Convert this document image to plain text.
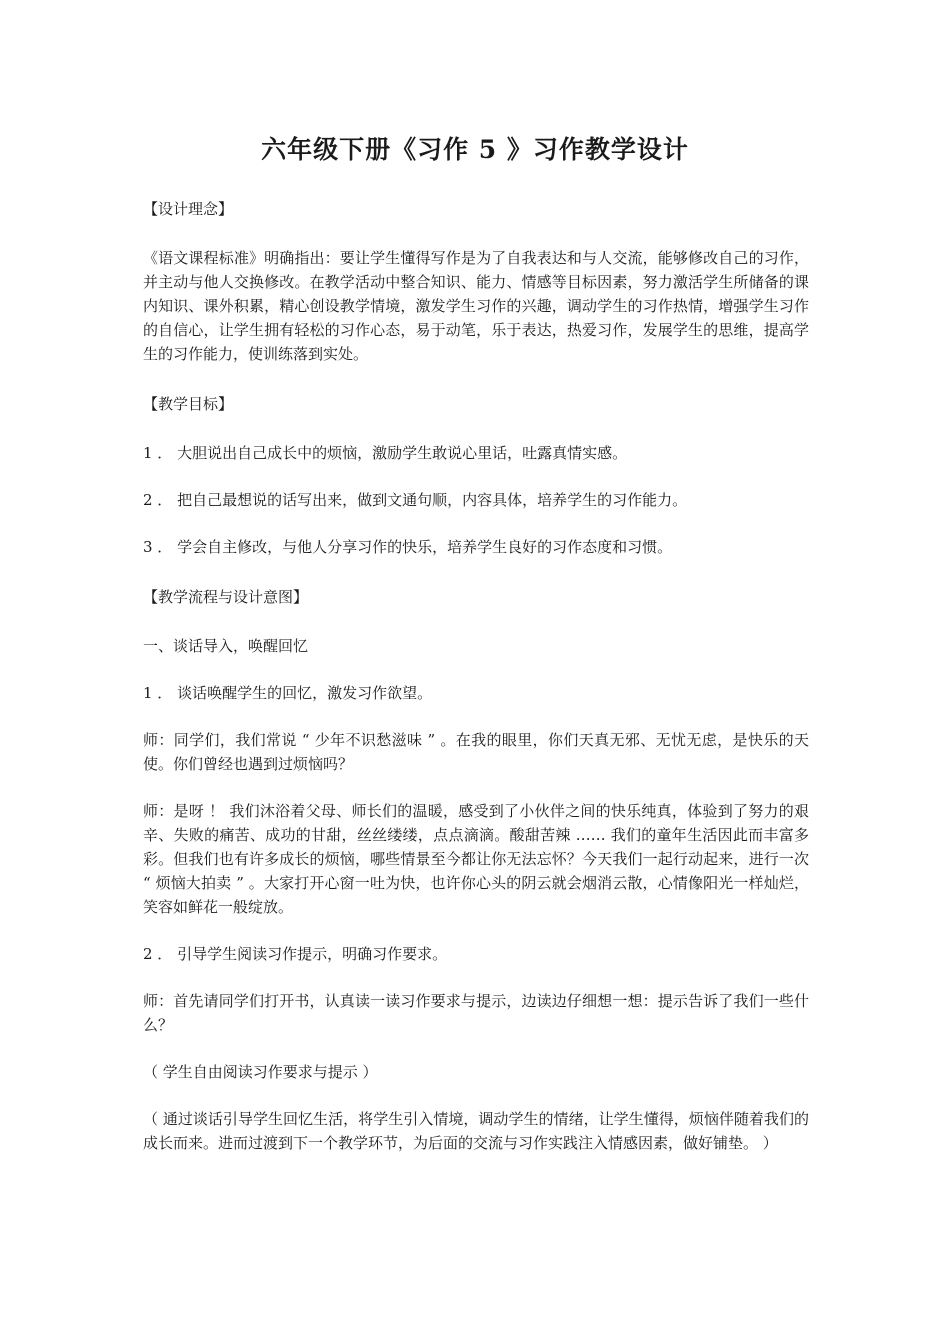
六年级下册《习作 5 》习作教学设计

【设计理念】

《语文课程标准》明确指出：要让学生懂得写作是为了自我表达和与人交流，能够修改自己的习作，并主动与他人交换修改。在教学活动中整合知识、能力、情感等目标因素，努力激活学生所储备的课内知识、课外积累，精心创设教学情境，激发学生习作的兴趣，调动学生的习作热情，增强学生习作的自信心，让学生拥有轻松的习作心态，易于动笔，乐于表达，热爱习作，发展学生的思维，提高学生的习作能力，使训练落到实处。

【教学目标】

1 ． 大胆说出自己成长中的烦恼，激励学生敢说心里话，吐露真情实感。

2 ． 把自己最想说的话写出来，做到文通句顺，内容具体，培养学生的习作能力。

3 ． 学会自主修改，与他人分享习作的快乐，培养学生良好的习作态度和习惯。

【教学流程与设计意图】

一、谈话导入，唤醒回忆

1 ． 谈话唤醒学生的回忆，激发习作欲望。

师：同学们，我们常说 “ 少年不识愁滋味 ” 。在我的眼里，你们天真无邪、无忧无虑，是快乐的天使。你们曾经也遇到过烦恼吗？

师：是呀 ！ 我们沐浴着父母、师长们的温暖，感受到了小伙伴之间的快乐纯真，体验到了努力的艰辛、失败的痛苦、成功的甘甜，丝丝缕缕，点点滴滴。酸甜苦辣 …… 我们的童年生活因此而丰富多彩。但我们也有许多成长的烦恼，哪些情景至今都让你无法忘怀？今天我们一起行动起来，进行一次 “ 烦恼大拍卖 ” 。大家打开心窗一吐为快，也许你心头的阴云就会烟消云散，心情像阳光一样灿烂，笑容如鲜花一般绽放。

2 ． 引导学生阅读习作提示，明确习作要求。

师：首先请同学们打开书，认真读一读习作要求与提示，边读边仔细想一想：提示告诉了我们一些什么？

（ 学生自由阅读习作要求与提示 ）

（ 通过谈话引导学生回忆生活，将学生引入情境，调动学生的情绪，让学生懂得，烦恼伴随着我们的成长而来。进而过渡到下一个教学环节，为后面的交流与习作实践注入情感因素，做好铺垫。 ）
